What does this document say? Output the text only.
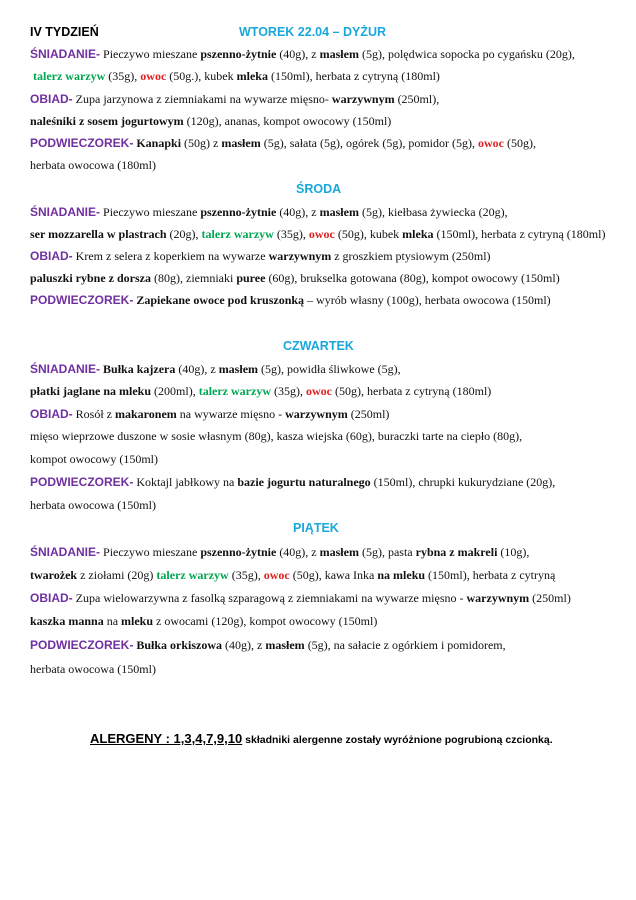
IV TYDZIEŃ	WTOREK 22.04 – DYŻUR
ŚNIADANIE- Pieczywo mieszane pszenno-żytnie (40g), z masłem (5g), polędwica sopocka po cygańsku (20g),
talerz warzyw (35g), owoc (50g.), kubek mleka (150ml), herbata z cytryną (180ml)
OBIAD- Zupa jarzynowa z ziemniakami na wywarze mięsno- warzywnym (250ml),
naleśniki z sosem jogurtowym (120g), ananas, kompot owocowy (150ml)
PODWIECZOREK- Kanapki (50g) z masłem (5g), sałata (5g), ogórek (5g), pomidor (5g), owoc (50g),
herbata owocowa (180ml)
ŚRODA
ŚNIADANIE- Pieczywo mieszane pszenno-żytnie (40g), z masłem (5g), kiełbasa żywiecka (20g),
ser mozzarella w plastrach (20g), talerz warzyw (35g), owoc (50g), kubek mleka (150ml), herbata z cytryną (180ml)
OBIAD- Krem z selera z koperkiem na wywarze warzywnym z groszkiem ptysiowym (250ml)
paluszki rybne z dorsza (80g), ziemniaki puree (60g), brukselka gotowana (80g), kompot owocowy (150ml)
PODWIECZOREK- Zapiekane owoce pod kruszonką – wyrób własny (100g), herbata owocowa (150ml)
CZWARTEK
ŚNIADANIE- Bułka kajzera (40g), z masłem (5g), powidła śliwkowe (5g),
płatki jaglane na mleku (200ml), talerz warzyw (35g), owoc (50g), herbata z cytryną (180ml)
OBIAD- Rosół z makaronem na wywarze mięsno - warzywnym (250ml)
mięso wieprzowe duszone w sosie własnym (80g), kasza wiejska (60g), buraczki tarte na ciepło (80g),
kompot owocowy (150ml)
PODWIECZOREK- Koktajl jabłkowy na bazie jogurtu naturalnego (150ml), chrupki kukurydziane (20g),
herbata owocowa (150ml)
PIĄTEK
ŚNIADANIE- Pieczywo mieszane pszenno-żytnie (40g), z masłem (5g), pasta rybna z makreli (10g),
twarożek z ziołami (20g) talerz warzyw (35g), owoc (50g), kawa Inka na mleku (150ml), herbata z cytryną
OBIAD- Zupa wielowarzywna z fasolką szparagową z ziemniakami na wywarze mięsno - warzywnym (250ml)
kaszka manna na mleku z owocami (120g), kompot owocowy (150ml)
PODWIECZOREK- Bułka orkiszowa (40g), z masłem (5g), na sałacie z ogórkiem i pomidorem,
herbata owocowa (150ml)
ALERGENY : 1,3,4,7,9,10 składniki alergenne zostały wyróżnione pogrubioną czcionką.
